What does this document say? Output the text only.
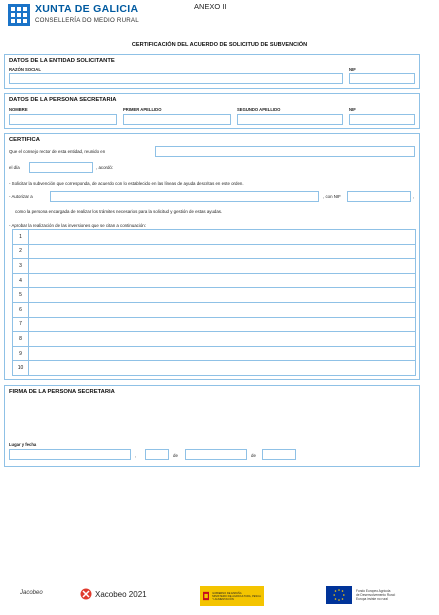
XUNTA DE GALICIA
CONSELLERÍA DO MEDIO RURAL
ANEXO II
CERTIFICACIÓN DEL ACUERDO DE SOLICITUD DE SUBVENCIÓN
DATOS DE LA ENTIDAD SOLICITANTE
RAZÓN SOCIAL	NIF
DATOS DE LA PERSONA SECRETARIA
NOMBRE	PRIMER APELLIDO	SEGUNDO APELLIDO	NIF
CERTIFICA
Que el consejo rector de esta entidad, reunido en
el día	, acordó:
- Solicitar la subvención que corresponda, de acuerdo con lo establecido en las líneas de ayuda descritas en este orden.
- Autorizar a	, con NIF	,
como la persona encargada de realizar los trámites necesarios para la solicitud y gestión de estas ayudas.
- Aprobar la realización de las inversiones que se citan a continuación:
1	
2	
3	
4	
5	
6	
7	
8	
9	
10	
FIRMA DE LA PERSONA SECRETARIA
Lugar y fecha
,	de	de
Jacobeo	Xacobeo 2021	GOBIERNO DE ESPAÑA
MINISTERIO DE AGRICULTURA, PESCA Y ALIMENTACIÓN
Fondo Europeo Agrícola
de Desenvolvemento Rural:
Europa inviste no rural
